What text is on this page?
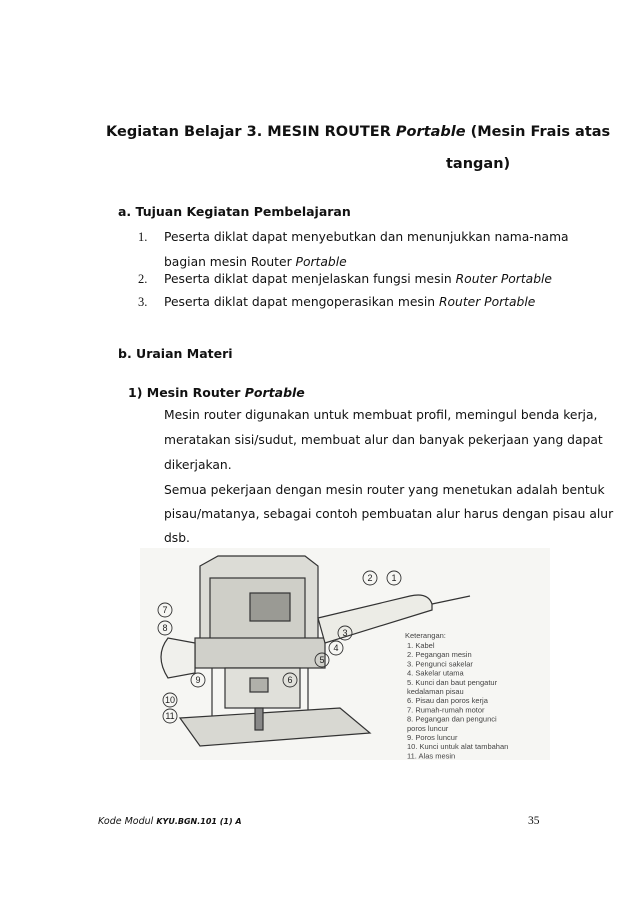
Kegiatan Belajar 3. MESIN ROUTER Portable (Mesin Frais atas
tangan)
a. Tujuan Kegiatan Pembelajaran
1. Peserta diklat dapat menyebutkan dan menunjukkan nama-nama
bagian mesin Router Portable
2. Peserta diklat dapat menjelaskan fungsi mesin Router Portable
3. Peserta diklat dapat mengoperasikan mesin Router Portable
b. Uraian Materi
1) Mesin Router Portable
Mesin router digunakan untuk membuat profil, memingul benda kerja,
meratakan sisi/sudut, membuat alur dan banyak pekerjaan yang dapat
dikerjakan.
Semua pekerjaan dengan mesin router yang menetukan adalah bentuk
pisau/matanya, sebagai contoh pembuatan alur harus dengan pisau alur
dsb.
2 1
3
4
5
6
7
8
9
10
11
Keterangan:
1. Kabel
2. Pegangan mesin
3. Pengunci sakelar
4. Sakelar utama
5. Kunci dan baut pengatur
kedalaman pisau
6. Pisau dan poros kerja
7. Rumah-rumah motor
8. Pegangan dan pengunci
poros luncur
9. Poros luncur
10. Kunci untuk alat tambahan
11. Alas mesin
Kode Modul KYU.BGN.101 (1) A	35
